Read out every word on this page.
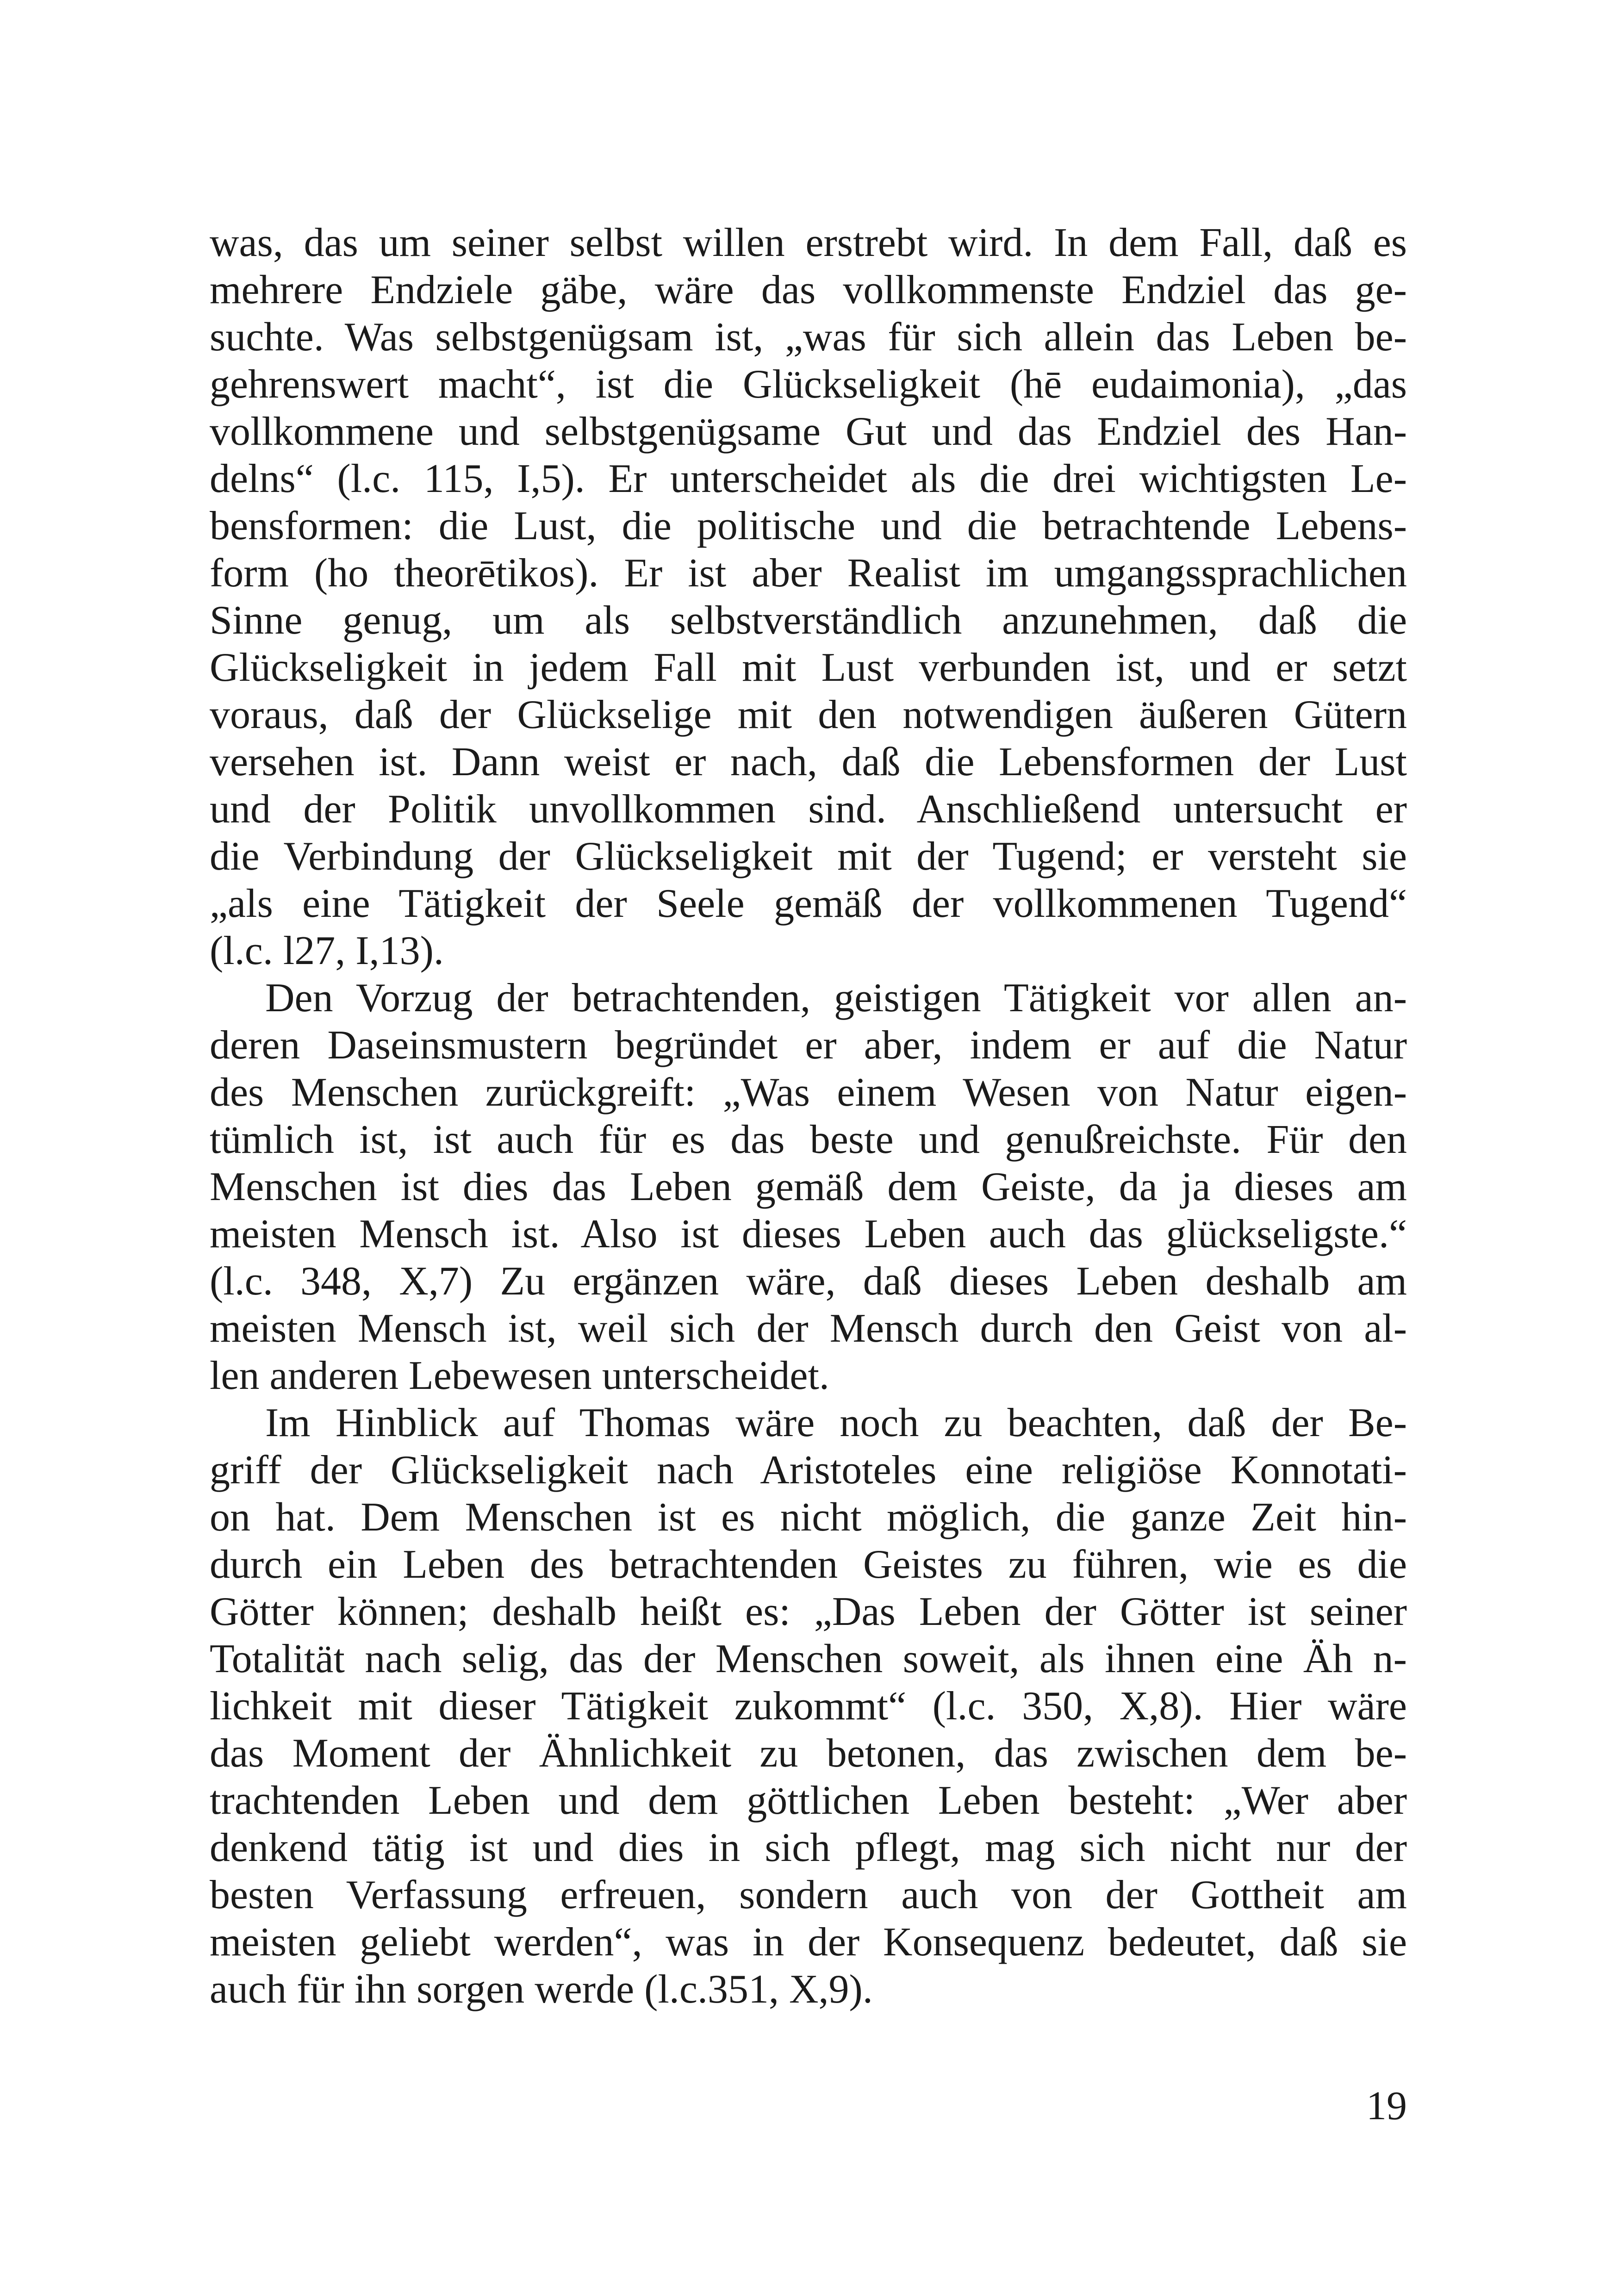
was, das um seiner selbst willen erstrebt wird. In dem Fall, daß es
mehrere Endziele gäbe, wäre das vollkommenste Endziel das ge-
suchte. Was selbstgenügsam ist, „was für sich allein das Leben be-
gehrenswert macht“, ist die Glückseligkeit (hē eudaimonia), „das
vollkommene und selbstgenügsame Gut und das Endziel des Han-
delns“ (l.c. 115, I,5). Er unterscheidet als die drei wichtigsten Le-
bensformen: die Lust, die politische und die betrachtende Lebens-
form (ho theorētikos). Er ist aber Realist im umgangssprachlichen
Sinne genug, um als selbstverständlich anzunehmen, daß die
Glückseligkeit in jedem Fall mit Lust verbunden ist, und er setzt
voraus, daß der Glückselige mit den notwendigen äußeren Gütern
versehen ist. Dann weist er nach, daß die Lebensformen der Lust
und der Politik unvollkommen sind. Anschließend untersucht er
die Verbindung der Glückseligkeit mit der Tugend; er versteht sie
„als eine Tätigkeit der Seele gemäß der vollkommenen Tugend“
(l.c. l27, I,13).
Den Vorzug der betrachtenden, geistigen Tätigkeit vor allen an-
deren Daseinsmustern begründet er aber, indem er auf die Natur
des Menschen zurückgreift: „Was einem Wesen von Natur eigen-
tümlich ist, ist auch für es das beste und genußreichste. Für den
Menschen ist dies das Leben gemäß dem Geiste, da ja dieses am
meisten Mensch ist. Also ist dieses Leben auch das glückseligste.“
(l.c. 348, X,7) Zu ergänzen wäre, daß dieses Leben deshalb am
meisten Mensch ist, weil sich der Mensch durch den Geist von al-
len anderen Lebewesen unterscheidet.
Im Hinblick auf Thomas wäre noch zu beachten, daß der Be-
griff der Glückseligkeit nach Aristoteles eine religiöse Konnotati-
on hat. Dem Menschen ist es nicht möglich, die ganze Zeit hin-
durch ein Leben des betrachtenden Geistes zu führen, wie es die
Götter können; deshalb heißt es: „Das Leben der Götter ist seiner
Totalität nach selig, das der Menschen soweit, als ihnen eine Äh n-
lichkeit mit dieser Tätigkeit zukommt“ (l.c. 350, X,8). Hier wäre
das Moment der Ähnlichkeit zu betonen, das zwischen dem be-
trachtenden Leben und dem göttlichen Leben besteht: „Wer aber
denkend tätig ist und dies in sich pflegt, mag sich nicht nur der
besten Verfassung erfreuen, sondern auch von der Gottheit am
meisten geliebt werden“, was in der Konsequenz bedeutet, daß sie
auch für ihn sorgen werde (l.c.351, X,9).
19
